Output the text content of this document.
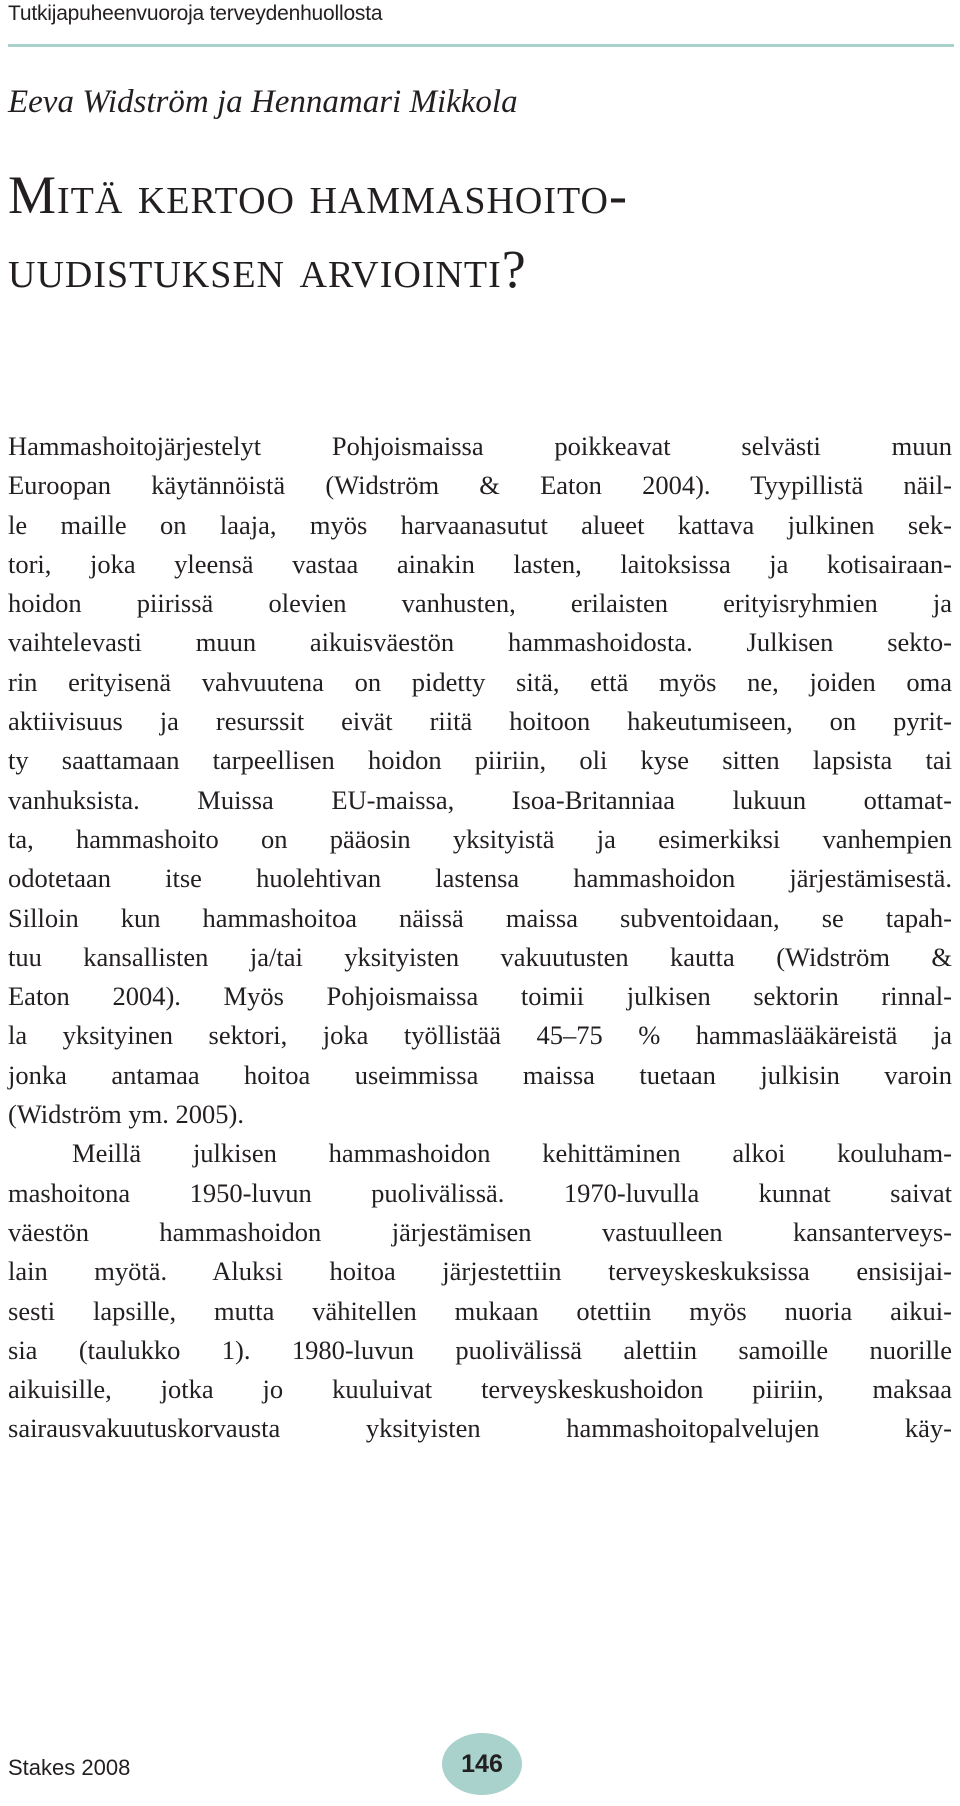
Tutkijapuheenvuoroja terveydenhuollosta
Eeva Widström ja Hennamari Mikkola
Mitä kertoo hammashoito-
uudistuksen arviointi?
Hammashoitojärjestelyt Pohjoismaissa poikkeavat selvästi muun
Euroopan käytännöistä (Widström & Eaton 2004). Tyypillistä näil-
le maille on laaja, myös harvaanasutut alueet kattava julkinen sek-
tori, joka yleensä vastaa ainakin lasten, laitoksissa ja kotisairaan-
hoidon piirissä olevien vanhusten, erilaisten erityisryhmien ja
vaihtelevasti muun aikuisväestön hammashoidosta. Julkisen sekto-
rin erityisenä vahvuutena on pidetty sitä, että myös ne, joiden oma
aktiivisuus ja resurssit eivät riitä hoitoon hakeutumiseen, on pyrit-
ty saattamaan tarpeellisen hoidon piiriin, oli kyse sitten lapsista tai
vanhuksista. Muissa EU-maissa, Isoa-Britanniaa lukuun ottamat-
ta, hammashoito on pääosin yksityistä ja esimerkiksi vanhempien
odotetaan itse huolehtivan lastensa hammashoidon järjestämisestä.
Silloin kun hammashoitoa näissä maissa subventoidaan, se tapah-
tuu kansallisten ja/tai yksityisten vakuutusten kautta (Widström &
Eaton 2004). Myös Pohjoismaissa toimii julkisen sektorin rinnal-
la yksityinen sektori, joka työllistää 45–75 % hammaslääkäreistä ja
jonka antamaa hoitoa useimmissa maissa tuetaan julkisin varoin
(Widström ym. 2005).
Meillä julkisen hammashoidon kehittäminen alkoi kouluham-
mashoitona 1950-luvun puolivälissä. 1970-luvulla kunnat saivat
väestön hammashoidon järjestämisen vastuulleen kansanterveys-
lain myötä. Aluksi hoitoa järjestettiin terveyskeskuksissa ensisijai-
sesti lapsille, mutta vähitellen mukaan otettiin myös nuoria aikui-
sia (taulukko 1). 1980-luvun puolivälissä alettiin samoille nuorille
aikuisille, jotka jo kuuluivat terveyskeskushoidon piiriin, maksaa
sairausvakuutuskorvausta yksityisten hammashoitopalvelujen käy-
Stakes 2008	146
